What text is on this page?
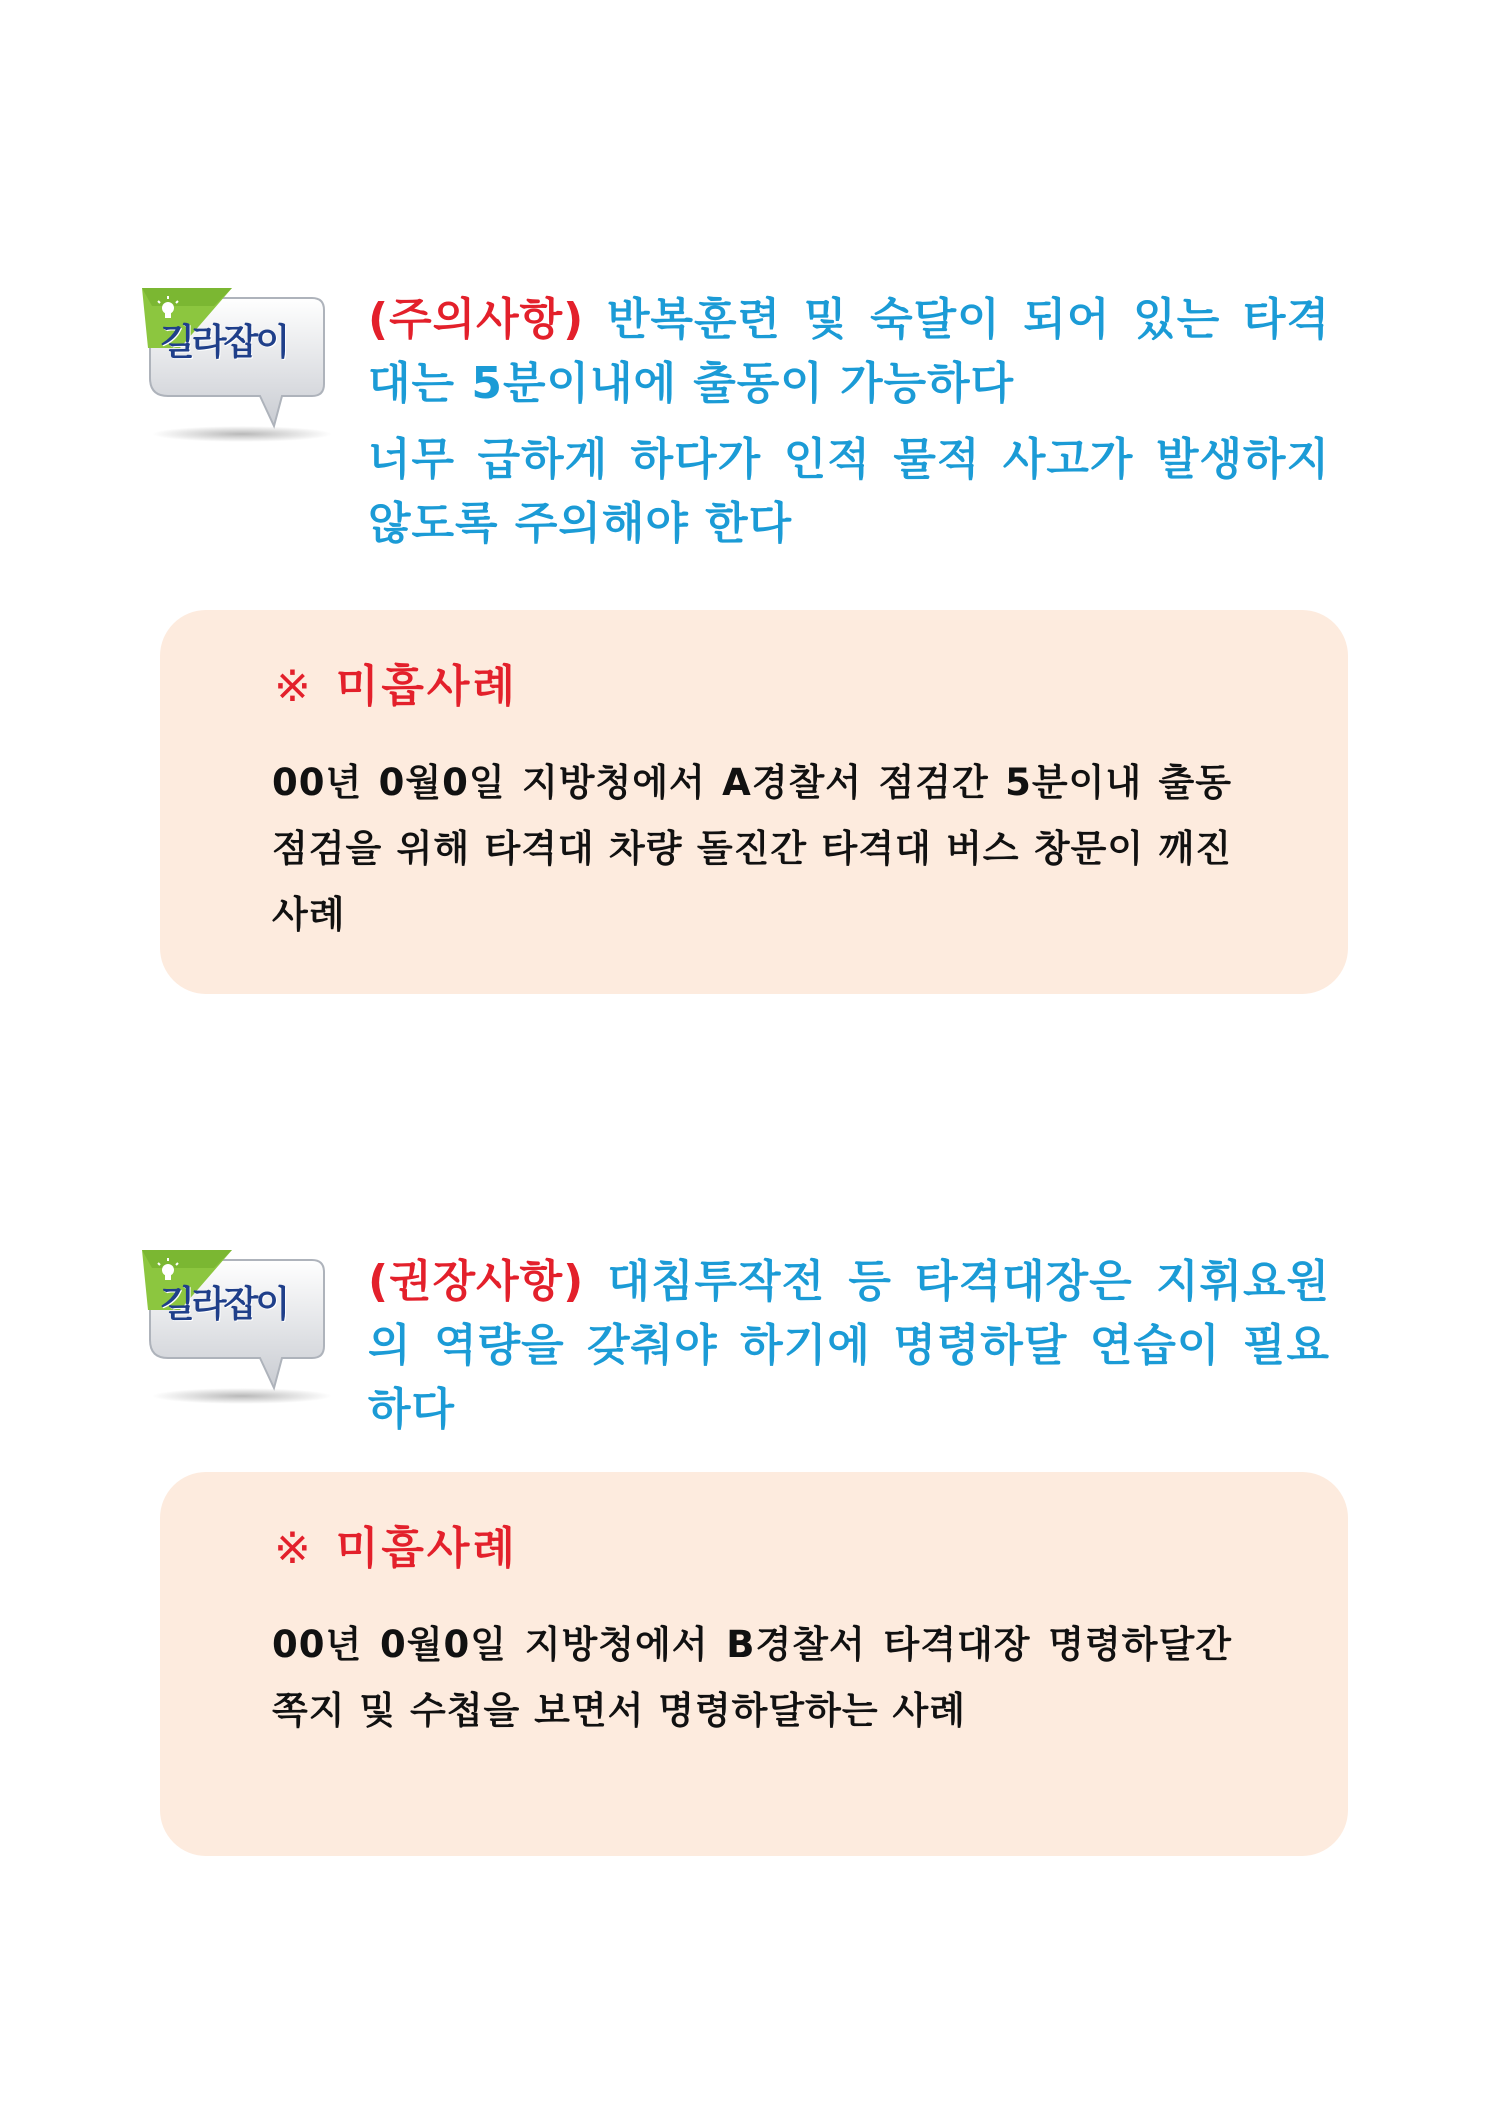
길라잡이	(주의사항) 반복훈련 및 숙달이 되어 있는 타격대는 5분이내에 출동이 가능하다

너무 급하게 하다가 인적 물적 사고가 발생하지 않도록 주의해야 한다

※ 미흡사례
00년 0월0일 지방청에서 A경찰서 점검간 5분이내 출동점검을 위해 타격대 차량 돌진간 타격대 버스 창문이 깨진 사례
길라잡이	(권장사항) 대침투작전 등 타격대장은 지휘요원의 역량을 갖춰야 하기에 명령하달 연습이 필요하다

※ 미흡사례
00년 0월0일 지방청에서 B경찰서 타격대장 명령하달간 쪽지 및 수첩을 보면서 명령하달하는 사례
